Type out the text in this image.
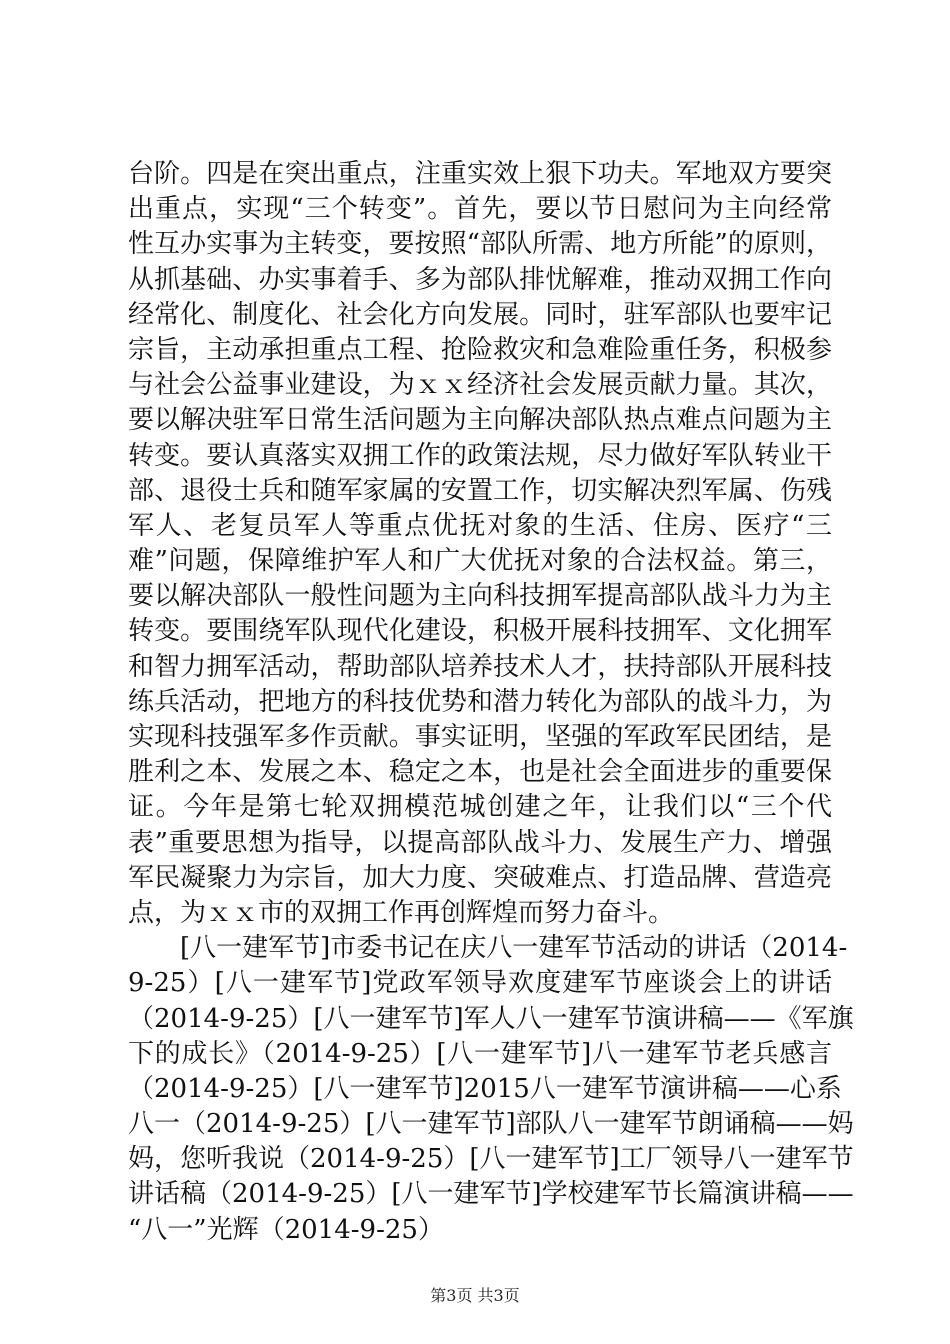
台阶。四是在突出重点，注重实效上狠下功夫。军地双方要突
出重点，实现“三个转变”。首先，要以节日慰问为主向经常
性互办实事为主转变，要按照“部队所需、地方所能”的原则，
从抓基础、办实事着手、多为部队排忧解难，推动双拥工作向
经常化、制度化、社会化方向发展。同时，驻军部队也要牢记
宗旨，主动承担重点工程、抢险救灾和急难险重任务，积极参
与社会公益事业建设，为ｘｘ经济社会发展贡献力量。其次，
要以解决驻军日常生活问题为主向解决部队热点难点问题为主
转变。要认真落实双拥工作的政策法规，尽力做好军队转业干
部、退役士兵和随军家属的安置工作，切实解决烈军属、伤残
军人、老复员军人等重点优抚对象的生活、住房、医疗“三
难”问题，保障维护军人和广大优抚对象的合法权益。第三，
要以解决部队一般性问题为主向科技拥军提高部队战斗力为主
转变。要围绕军队现代化建设，积极开展科技拥军、文化拥军
和智力拥军活动，帮助部队培养技术人才，扶持部队开展科技
练兵活动，把地方的科技优势和潜力转化为部队的战斗力，为
实现科技强军多作贡献。事实证明，坚强的军政军民团结，是
胜利之本、发展之本、稳定之本，也是社会全面进步的重要保
证。今年是第七轮双拥模范城创建之年，让我们以“三个代
表”重要思想为指导，以提高部队战斗力、发展生产力、增强
军民凝聚力为宗旨，加大力度、突破难点、打造品牌、营造亮
点，为ｘｘ市的双拥工作再创辉煌而努力奋斗。
[八一建军节]市委书记在庆八一建军节活动的讲话（2014-
9-25）[八一建军节]党政军领导欢度建军节座谈会上的讲话
（2014-9-25）[八一建军节]军人八一建军节演讲稿——《军旗
下的成长》（2014-9-25）[八一建军节]八一建军节老兵感言
（2014-9-25）[八一建军节]2015八一建军节演讲稿——心系
八一（2014-9-25）[八一建军节]部队八一建军节朗诵稿——妈
妈，您听我说（2014-9-25）[八一建军节]工厂领导八一建军节
讲话稿（2014-9-25）[八一建军节]学校建军节长篇演讲稿——
“八一”光辉（2014-9-25）
第3页 共3页
